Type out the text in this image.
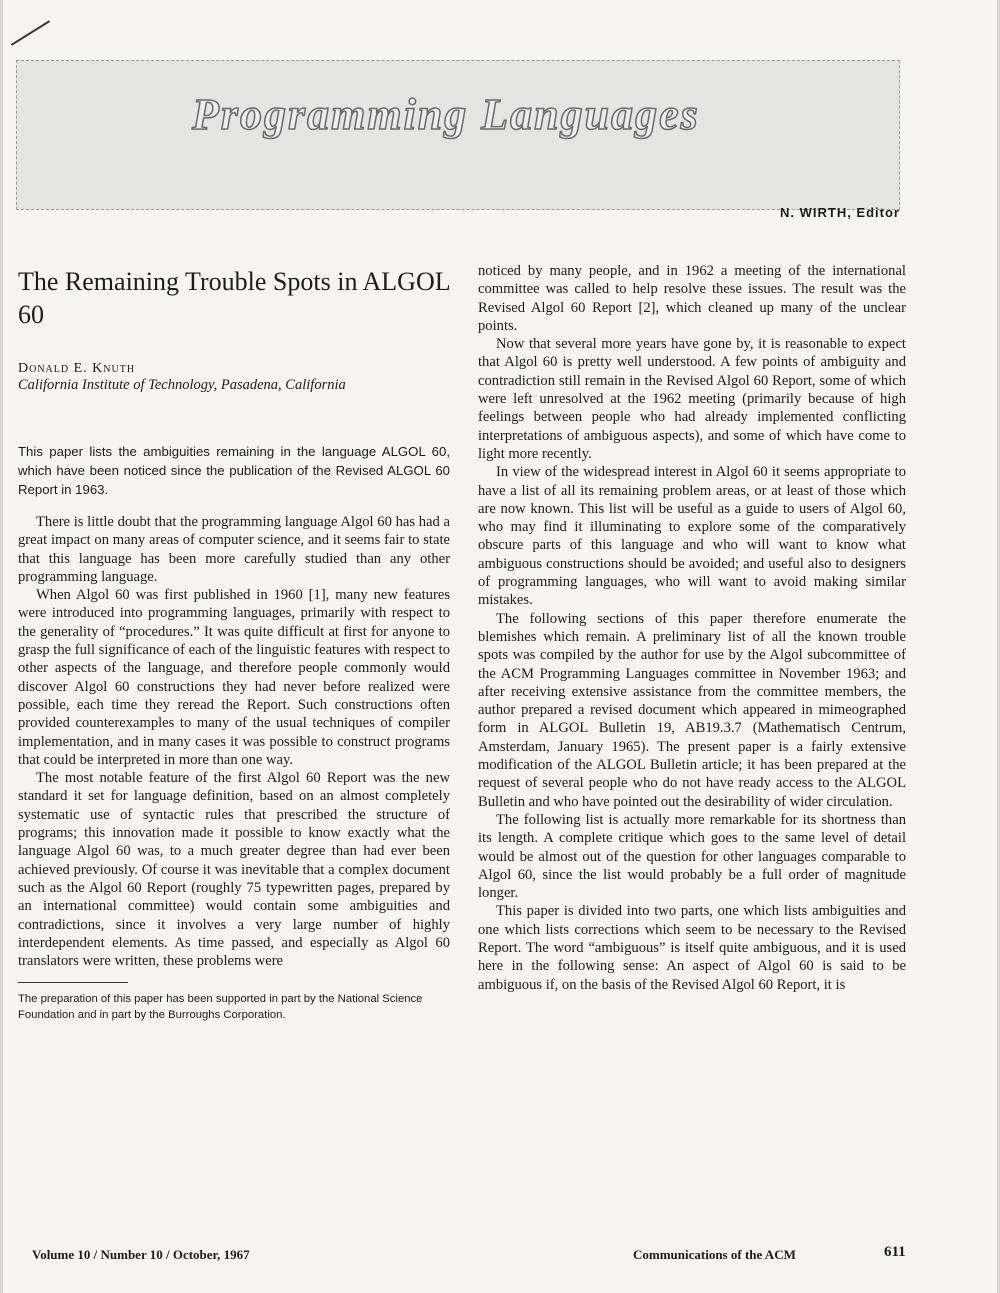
Programming Languages
N. WIRTH, Editor
The Remaining Trouble Spots in ALGOL 60

Donald E. Knuth

California Institute of Technology, Pasadena, California

This paper lists the ambiguities remaining in the language ALGOL 60, which have been noticed since the publication of the Revised ALGOL 60 Report in 1963.

There is little doubt that the programming language Algol 60 has had a great impact on many areas of computer science, and it seems fair to state that this language has been more carefully studied than any other programming language.

When Algol 60 was first published in 1960 [1], many new features were introduced into programming languages, primarily with respect to the generality of “procedures.” It was quite difficult at first for anyone to grasp the full significance of each of the linguistic features with respect to other aspects of the language, and therefore people commonly would discover Algol 60 constructions they had never before realized were possible, each time they reread the Report. Such constructions often provided counterexamples to many of the usual techniques of compiler implementation, and in many cases it was possible to construct programs that could be interpreted in more than one way.

The most notable feature of the first Algol 60 Report was the new standard it set for language definition, based on an almost completely systematic use of syntactic rules that prescribed the structure of programs; this innovation made it possible to know exactly what the language Algol 60 was, to a much greater degree than had ever been achieved previously. Of course it was inevitable that a complex document such as the Algol 60 Report (roughly 75 typewritten pages, prepared by an international committee) would contain some ambiguities and contradictions, since it involves a very large number of highly interdependent elements. As time passed, and especially as Algol 60 translators were written, these problems were

The preparation of this paper has been supported in part by the National Science Foundation and in part by the Burroughs Corporation.

noticed by many people, and in 1962 a meeting of the international committee was called to help resolve these issues. The result was the Revised Algol 60 Report [2], which cleaned up many of the unclear points.

Now that several more years have gone by, it is reasonable to expect that Algol 60 is pretty well understood. A few points of ambiguity and contradiction still remain in the Revised Algol 60 Report, some of which were left unresolved at the 1962 meeting (primarily because of high feelings between people who had already implemented conflicting interpretations of ambiguous aspects), and some of which have come to light more recently.

In view of the widespread interest in Algol 60 it seems appropriate to have a list of all its remaining problem areas, or at least of those which are now known. This list will be useful as a guide to users of Algol 60, who may find it illuminating to explore some of the comparatively obscure parts of this language and who will want to know what ambiguous constructions should be avoided; and useful also to designers of programming languages, who will want to avoid making similar mistakes.

The following sections of this paper therefore enumerate the blemishes which remain. A preliminary list of all the known trouble spots was compiled by the author for use by the Algol subcommittee of the ACM Programming Languages committee in November 1963; and after receiving extensive assistance from the committee members, the author prepared a revised document which appeared in mimeographed form in ALGOL Bulletin 19, AB19.3.7 (Mathematisch Centrum, Amsterdam, January 1965). The present paper is a fairly extensive modification of the ALGOL Bulletin article; it has been prepared at the request of several people who do not have ready access to the ALGOL Bulletin and who have pointed out the desirability of wider circulation.

The following list is actually more remarkable for its shortness than its length. A complete critique which goes to the same level of detail would be almost out of the question for other languages comparable to Algol 60, since the list would probably be a full order of magnitude longer.

This paper is divided into two parts, one which lists ambiguities and one which lists corrections which seem to be necessary to the Revised Report. The word “ambiguous” is itself quite ambiguous, and it is used here in the following sense: An aspect of Algol 60 is said to be ambiguous if, on the basis of the Revised Algol 60 Report, it is

Volume 10 / Number 10 / October, 1967	Communications of the ACM	611
